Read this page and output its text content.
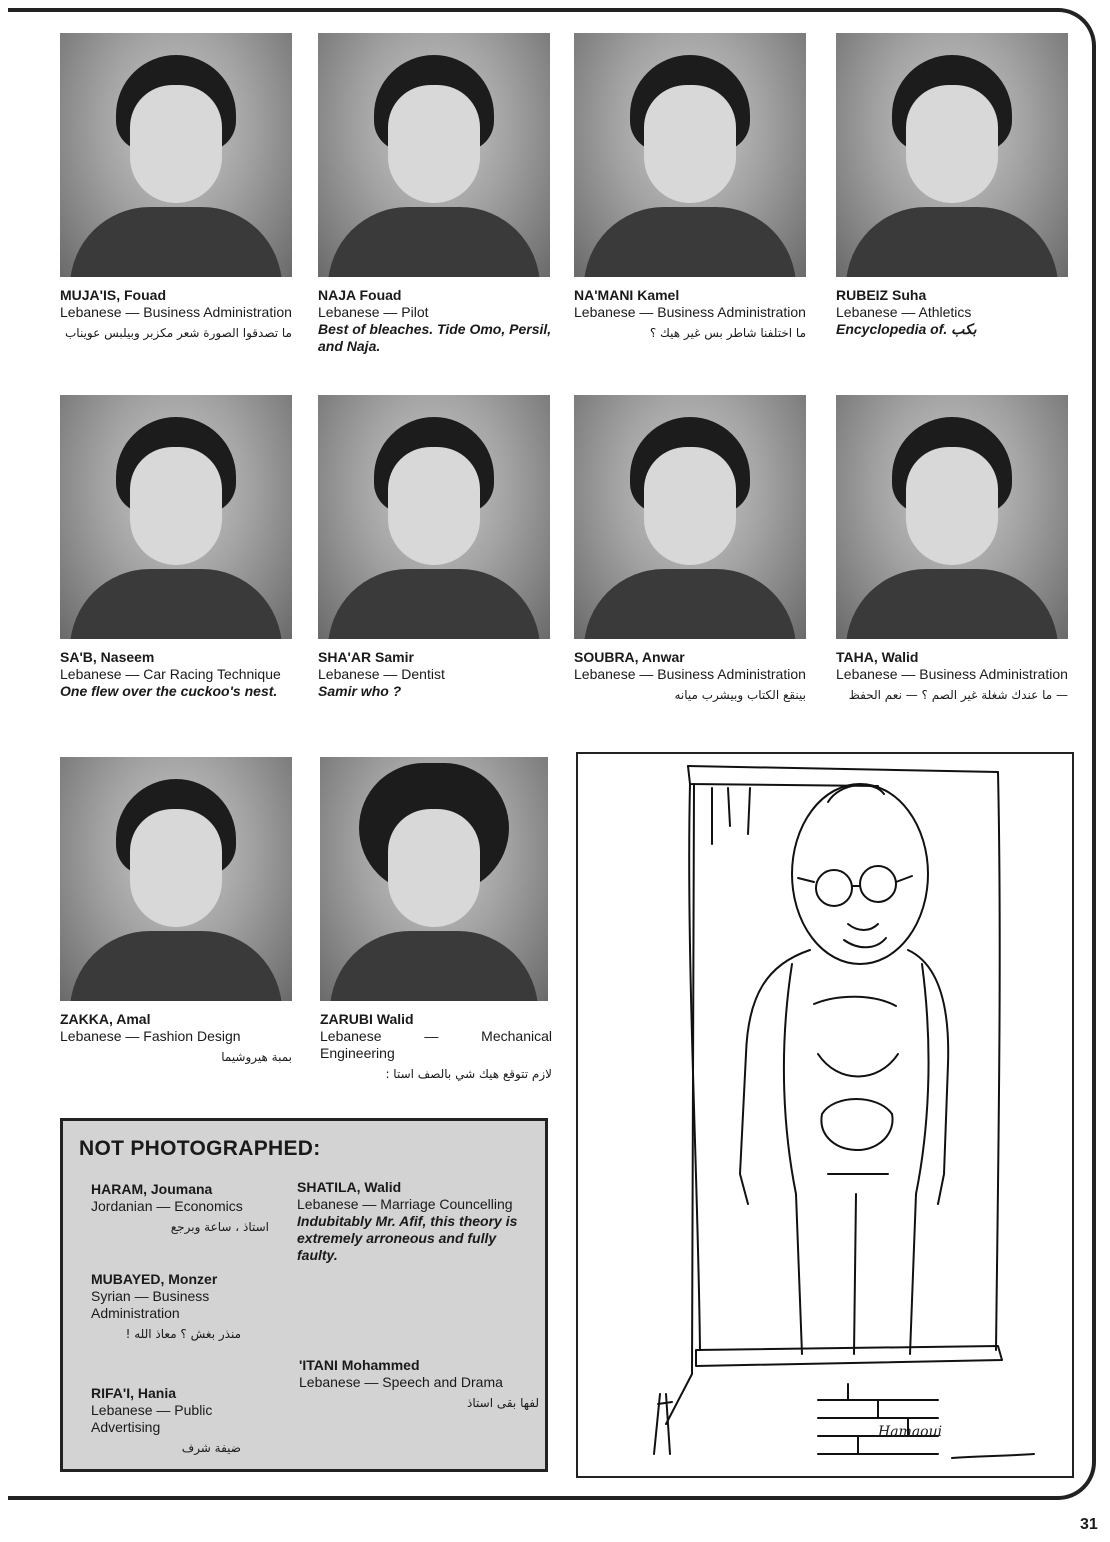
MUJA'IS, Fouad
Lebanese — Business Administration
ما تصدقوا الصورة شعر مكزبر وبيلبس عويناب
NAJA Fouad
Lebanese — Pilot
Best of bleaches. Tide Omo, Persil, and Naja.
NA'MANI Kamel
Lebanese — Business Administration
ما اختلفنا شاطر بس غير هيك ؟
RUBEIZ Suha
Lebanese — Athletics
Encyclopedia of. بكب
SA'B, Naseem
Lebanese — Car Racing Technique
One flew over the cuckoo's nest.
SHA'AR Samir
Lebanese — Dentist
Samir who ?
SOUBRA, Anwar
Lebanese — Business Administration
بينقع الكتاب وبيشرب ميانه
TAHA, Walid
Lebanese — Business Administration
— ما عندك شغلة غير الصم ؟ — نعم الحفظ
ZAKKA, Amal
Lebanese — Fashion Design
بمبة هيروشيما
ZARUBI Walid
Lebanese — Mechanical Engineering
لازم تتوقع هيك شي بالصف استا :
NOT PHOTOGRAPHED:
HARAM, Joumana
Jordanian — Economics
استاذ ، ساعة وبرجع
MUBAYED, Monzer
Syrian — Business Administration
منذر بغش ؟ معاذ الله !
RIFA'I, Hania
Lebanese — Public Advertising
ضيفة شرف
SHATILA, Walid
Lebanese — Marriage Councelling
Indubitably Mr. Afif, this theory is extremely arroneous and fully faulty.
'ITANI Mohammed
Lebanese — Speech and Drama
لفها بقى استاذ
Hamaoui
31
